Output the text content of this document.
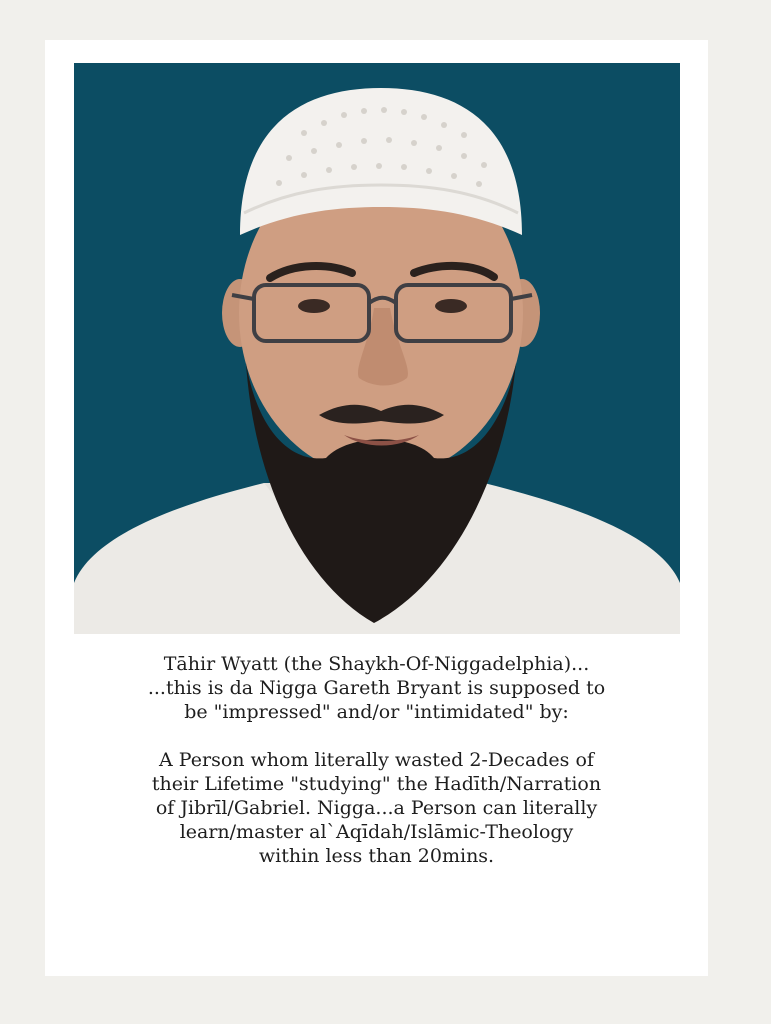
Tāhir Wyatt (the Shaykh-Of-Niggadelphia)...

...this is da Nigga Gareth Bryant is supposed to

be "impressed" and/or "intimidated" by:

A Person whom literally wasted 2-Decades of

their Lifetime "studying" the Hadīth/Narration

of Jibrīl/Gabriel. Nigga...a Person can literally

learn/master al`Aqīdah/Islāmic-Theology

within less than 20mins.
